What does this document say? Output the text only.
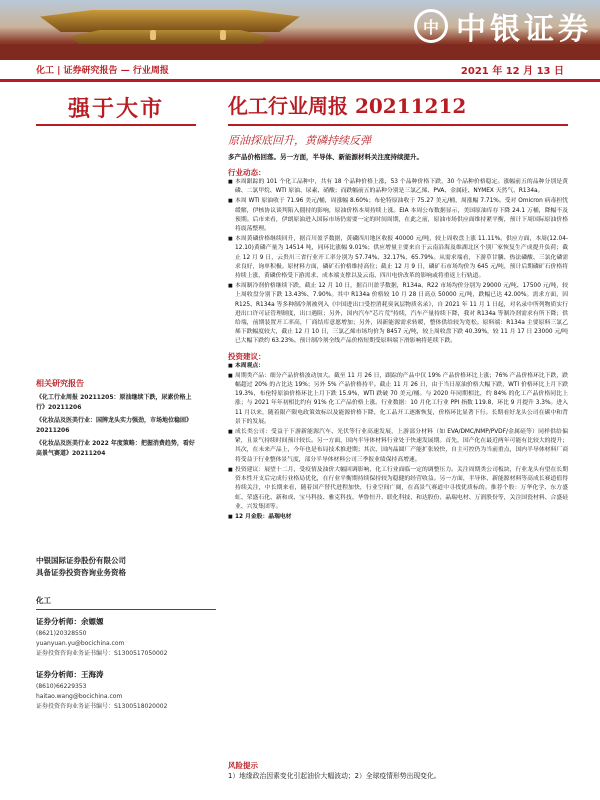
中 中银证券
化工 | 证券研究报告 — 行业周报	2021 年 12 月 13 日
强于大市
相关研究报告
《化工行业周报 20211205：原油继续下跌，尿素价格上行》20211206
《化妆品及医美行业：国牌龙头实力强劲，市场地位稳固》20211206
《化妆品及医美行业 2022 年度策略：把握消费趋势，看好高景气赛道》20211204
中银国际证券股份有限公司
具备证券投资咨询业务资格
化工
证券分析师：余嫄嫄
(8621)20328550
yuanyuan.yu@bocichina.com
证券投资咨询业务证书编号：S1300517050002
证券分析师：王海涛
(8610)66229353
haitao.wang@bocichina.com
证券投资咨询业务证书编号：S1300518020002
化工行业周报 20211212
原油探底回升，黄磷持续反弹
多产品价格回落。另一方面，半导体、新能源材料关注度持续提升。
行业动态：
■ 本周跟踪的 101 个化工品种中，共有 18 个品种价格上涨，53 个品种价格下跌，30 个品种价格稳定。涨幅前五的品种分别是黄磷、二氯甲烷、WTI 原油、尿素、硝酸；而跌幅前五的品种分别是三氯乙烯、PVA、金属硅、NYMEX 天然气、R134a。
■ 本周 WTI 原油收于 71.96 美元/桶，周涨幅 8.60%；布伦特原油收于 75.27 美元/桶，周涨幅 7.71%。受对 Omicron 病毒担忧缓解，伊核协议谈判陷入僵持的影响，原油价格本周持续上涨。EIA 本周公布数据显示，美国原油库存下降 24.1 万桶，降幅不及预期。后市来看，伊朗原油进入国际市场仍需要一定的时间周期，在此之前，原油市场供应面维持紧平衡，预计下周国际原油价格将震荡整理。
■ 本周黄磷价格继续回升，据百川盈孚数据，黄磷四川地区收报 40000 元/吨，较上周收盘上涨 11.11%。供应方面，本周(12.04-12.10)黄磷产量为 14514 吨，同环比涨幅 9.01%；供应增量主要来自于云南沿海及维湖北区个别厂家恢复生产成提升负荷；截止 12 月 9 日，云贵川三省行业开工率分别为 57.74%、32.17%、65.79%。从需求端看，下游草甘膦、热法磷酸、三氯化磷需求良好，询单积极。原材料方面，磷矿石价格维持高位；截止 12 月 9 日，磷矿石市场均价为 645 元/吨，预计后期磷矿石价格将持续上涨，黄磷价格受下游需求、成本端支撑以及云南、四川电价改革的影响或将重返上行轨道。
■ 本周制冷剂价格继续下跌，截止 12 月 10 日，据百川盈孚数据，R134a、R22 市场均价分别为 29000 元/吨、17500 元/吨，较上周收盘分别下跌 13.43%、7.90%。其中 R134a 价格较 10 月 28 日高点 50000 元/吨，跌幅已达 42.00%。需求方面，因 R125、R134a 等多种制冷剂被列入《中国进出口受控消耗臭氧层物质名录》，自 2021 年 11 月 1 日起，对名录中所列物质实行进出口许可证管理制度，出口遇阻；另外，国内汽车"芯片荒"持续，汽车产量持续下降，我对 R134a 等制冷剂需求有所下降；供给端，前期装置开工率高，厂商结库意愿增加；另外，因新能源需求转暖，整体供给较为宽松。原料端：R134a 主要原料三氯乙烯下跌幅度较大，截止 12 月 10 日，三氯乙烯市场均价为 8457 元/吨，较上周收盘下跌 40.39%，较 11 月 17 日 23000 元/吨已大幅下跌约 63.23%。预计制冷剂全线产品价格短期受原料端下滑影响将延续下跌。
投资建议：
■ 本周观点：
■ 周期类产品：细分产品价格波动加大。截至 11 月 26 日，跟踪的产品中仅 19% 产品价格环比上涨；76% 产品价格环比下跌，跌幅超过 20% 的占比达 19%；另外 5% 产品价格持平。截止 11 月 26 日，由于当日原油价格大幅下跌，WTI 价格环比上月下跌 19.3%，布伦特原油价格环比上月下跌 15.9%，WTI 跌破 70 美元/桶。与 2020 年同期相比，约 84% 的化工产品价格同比上涨；与 2021 年年初相比约有 91% 化工产品价格上涨。行业数据：10 月化工行业 PPI 指数 119.8，环比 9 月提升 3.3%。进入 11 月以来，随着限产限电政策效标以及能源价格下降，化工品开工逐渐恢复，价格环比显著下行。长期看好龙头公司在碳中和背景下的发展。
■ 成长类公司：受益于下游新能源汽车、光伏等行业高速发展，上游部分材料（如 EVA/DMC/NMP/PVDF/金属硅等）同样供给偏紧，且景气持续时间预计较长。另一方面，国内半导体材料行业处于快速发展期。首先，国产化在最近两年可能有比较大的提升；其次，在未来产品上，今年也是布局技术推进期；其次，国内晶圆厂产能扩张较快，自主可控仍为当前重点，国内半导体材料厂商将受益于行业整体景气度，部分半导体材料公司三季报业绩保持高增速。
■ 投资建议：展望十二月，受疫情及油价大幅回调影响，化工行业面临一定的调整压力。关注周期类公司板块，行业龙头有望在长期资本性开支后完成行业格局优化，在行业平衡期持续保持较为稳健的经营收益。另一方面，半导体、新能源材料等高成长赛道值得持续关注，中长期来看，随着国产替代进程加快，行业空间广阔，在高景气赛道中寻找优质标的。推荐个股：万华化学、东方盛虹、荣盛石化、新和成、宝马科技、雅克科技、华鲁恒升、联化科技、和达股份、晶瑞电材、万润股份等，关注国瓷材料、合盛硅业、兴发集团等。
■ 12 月金股：晶瑞电材
风险提示
1）地缘政治因素变化引起油价大幅波动；2）全球疫情形势出现变化。
